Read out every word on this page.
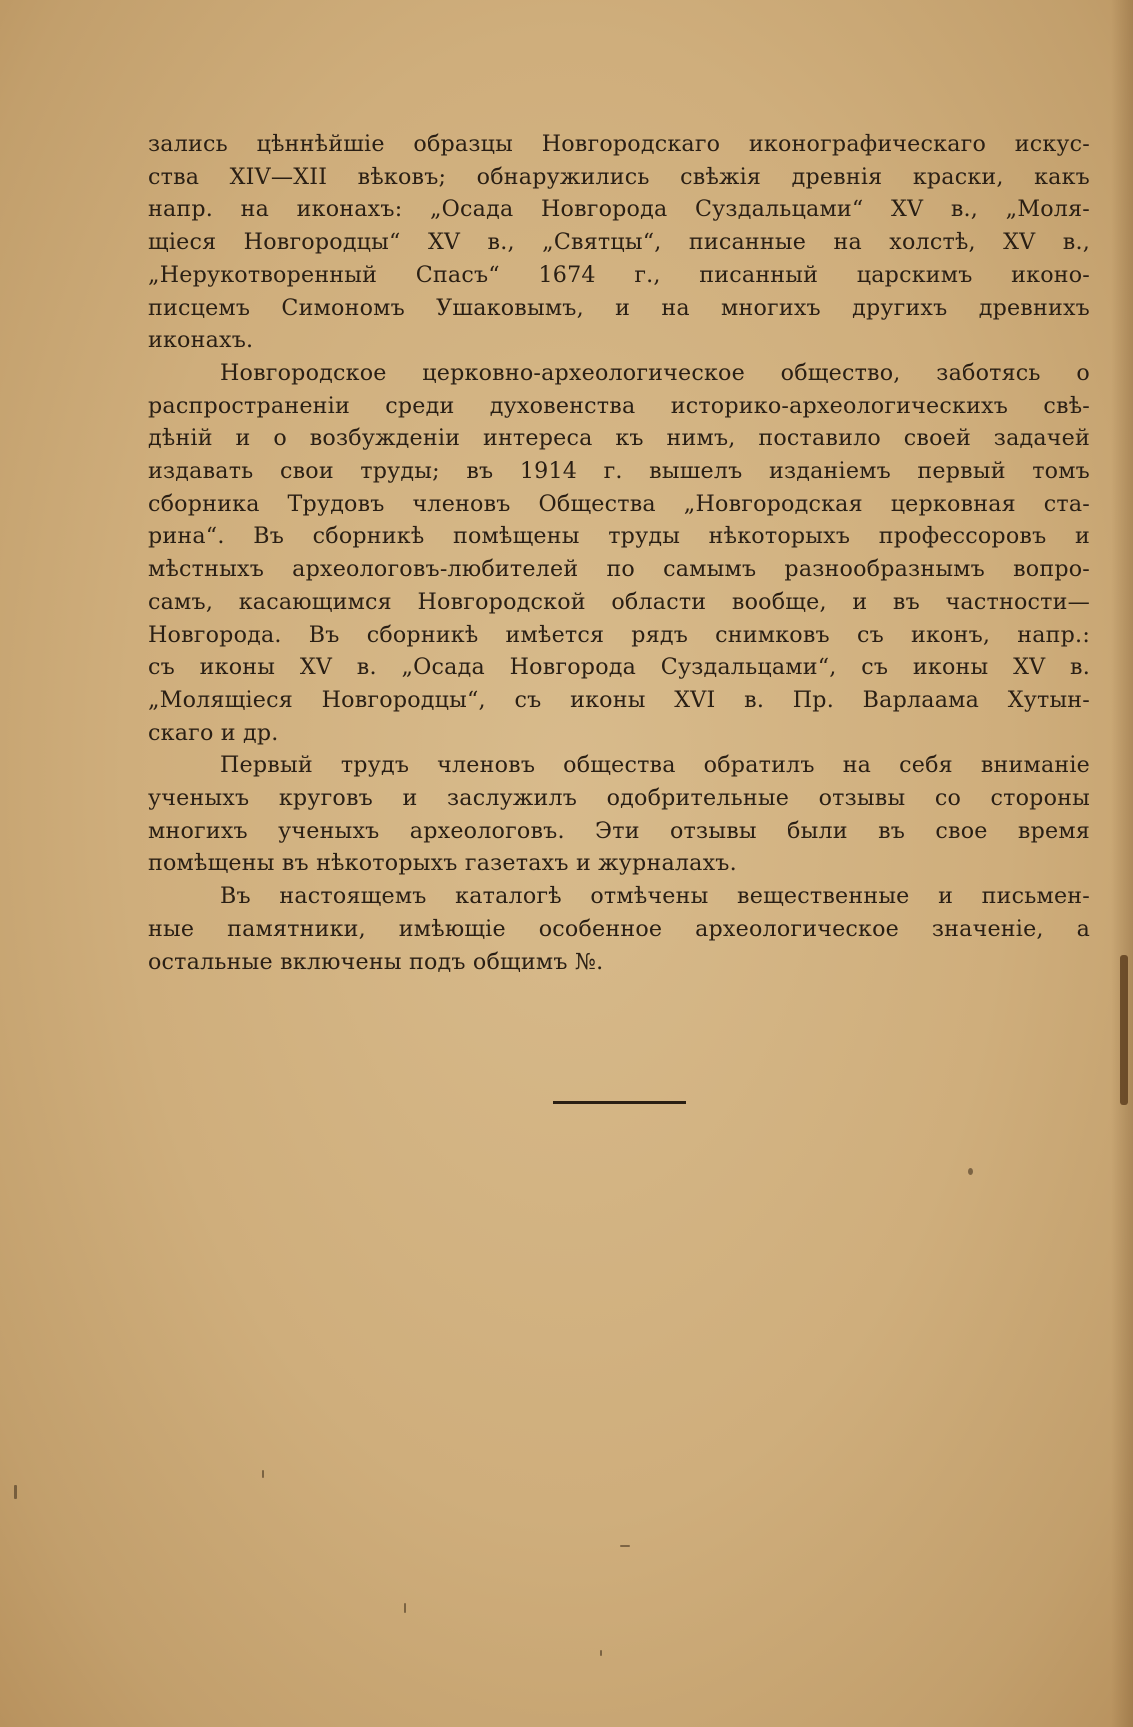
зались цѣннѣйшіе образцы Новгородскаго иконографическаго искус-
ства XIV—XII вѣковъ; обнаружились свѣжія древнія краски, какъ
напр. на иконахъ: „Осада Новгорода Суздальцами“ XV в., „Моля-
щіеся Новгородцы“ XV в., „Святцы“, писанные на холстѣ, XV в.,
„Нерукотворенный Спасъ“ 1674 г., писанный царскимъ иконо-
писцемъ Симономъ Ушаковымъ, и на многихъ другихъ древнихъ
иконахъ.
Новгородское церковно-археологическое общество, заботясь о
распространеніи среди духовенства историко-археологическихъ свѣ-
дѣній и о возбужденіи интереса къ нимъ, поставило своей задачей
издавать свои труды; въ 1914 г. вышелъ изданіемъ первый томъ
сборника Трудовъ членовъ Общества „Новгородская церковная ста-
рина“. Въ сборникѣ помѣщены труды нѣкоторыхъ профессоровъ и
мѣстныхъ археологовъ-любителей по самымъ разнообразнымъ вопро-
самъ, касающимся Новгородской области вообще, и въ частности—
Новгорода. Въ сборникѣ имѣется рядъ снимковъ съ иконъ, напр.:
съ иконы XV в. „Осада Новгорода Суздальцами“, съ иконы XV в.
„Молящіеся Новгородцы“, съ иконы XVI в. Пр. Варлаама Хутын-
скаго и др.
Первый трудъ членовъ общества обратилъ на себя вниманіе
ученыхъ круговъ и заслужилъ одобрительные отзывы со стороны
многихъ ученыхъ археологовъ. Эти отзывы были въ свое время
помѣщены въ нѣкоторыхъ газетахъ и журналахъ.
Въ настоящемъ каталогѣ отмѣчены вещественные и письмен-
ные памятники, имѣющіе особенное археологическое значеніе, а
остальные включены подъ общимъ №.
